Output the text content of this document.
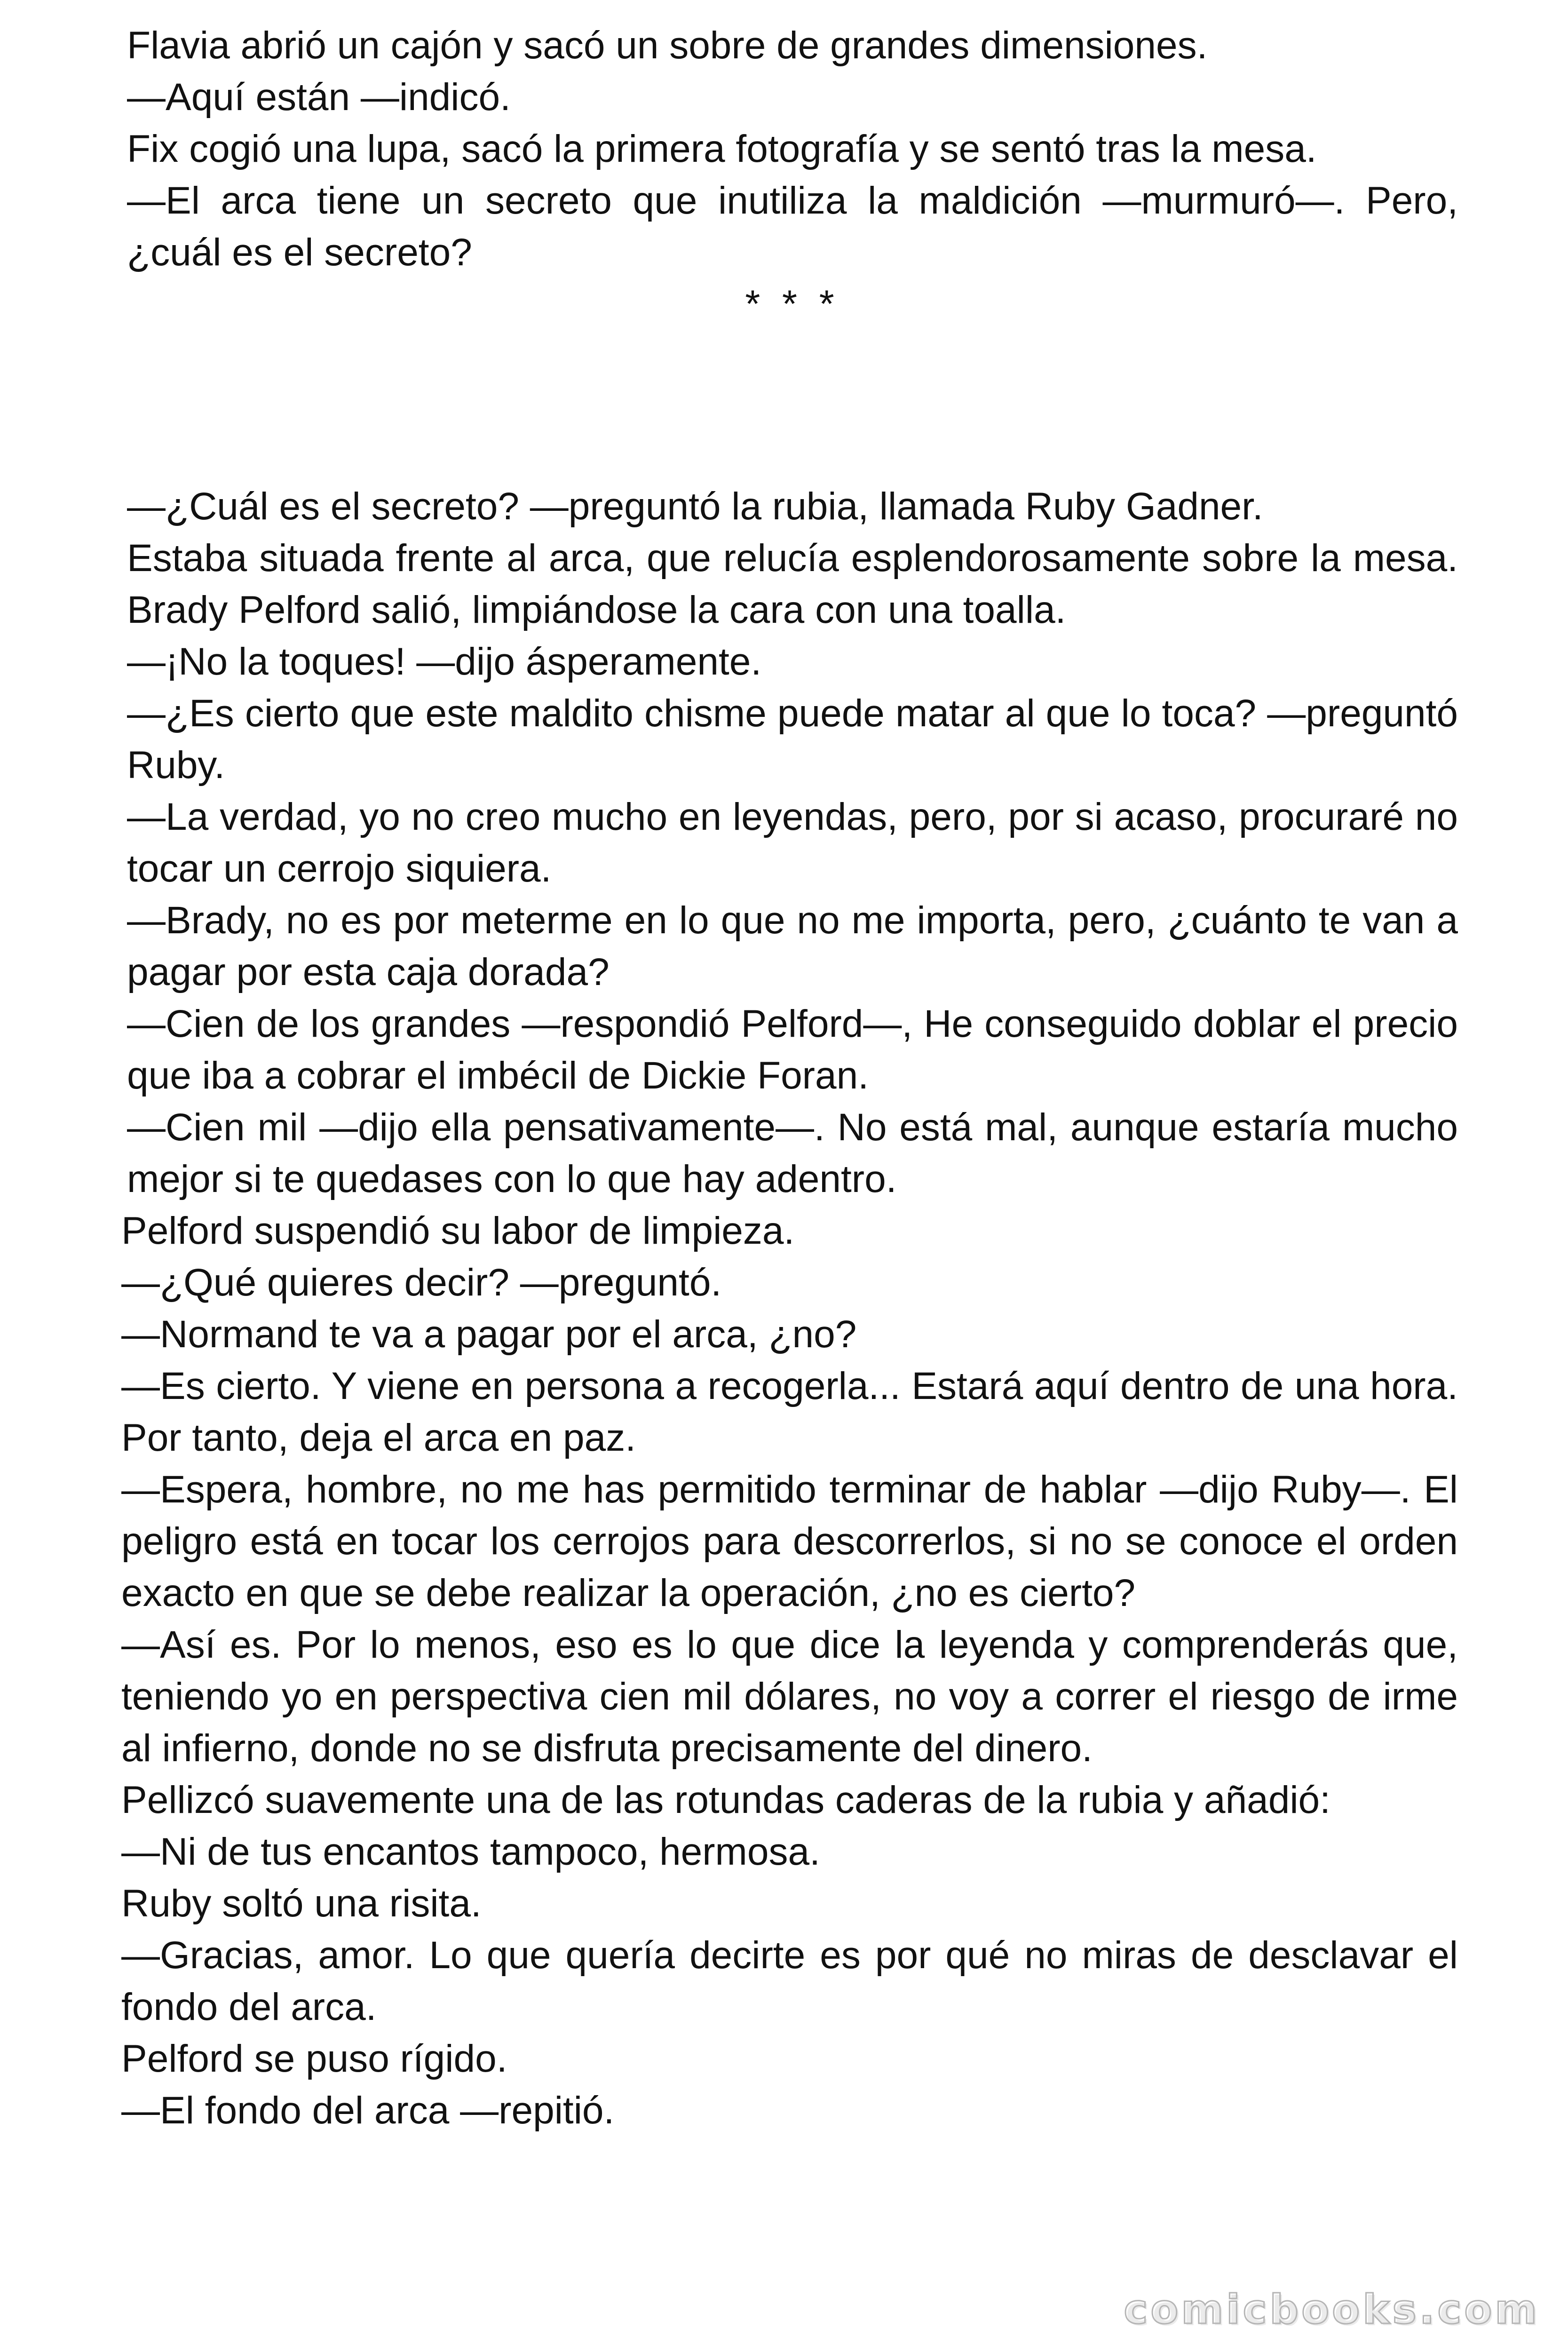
Flavia abrió un cajón y sacó un sobre de grandes dimensiones.

—Aquí están —indicó.

Fix cogió una lupa, sacó la primera fotografía y se sentó tras la mesa.

—El arca tiene un secreto que inutiliza la maldición —murmuró—. Pero, ¿cuál es el secreto?

* * *

—¿Cuál es el secreto? —preguntó la rubia, llamada Ruby Gadner.

Estaba situada frente al arca, que relucía esplendorosamente sobre la mesa. Brady Pelford salió, limpiándose la cara con una toalla.

—¡No la toques! —dijo ásperamente.

—¿Es cierto que este maldito chisme puede matar al que lo toca? —preguntó Ruby.

—La verdad, yo no creo mucho en leyendas, pero, por si acaso, procuraré no tocar un cerrojo siquiera.

—Brady, no es por meterme en lo que no me importa, pero, ¿cuánto te van a pagar por esta caja dorada?

—Cien de los grandes —respondió Pelford—, He conseguido doblar el precio que iba a cobrar el imbécil de Dickie Foran.

—Cien mil —dijo ella pensativamente—. No está mal, aunque estaría mucho mejor si te quedases con lo que hay adentro.

Pelford suspendió su labor de limpieza.

—¿Qué quieres decir? —preguntó.

—Normand te va a pagar por el arca, ¿no?

—Es cierto. Y viene en persona a recogerla... Estará aquí dentro de una hora. Por tanto, deja el arca en paz.

—Espera, hombre, no me has permitido terminar de hablar —dijo Ruby—. El peligro está en tocar los cerrojos para descorrerlos, si no se conoce el orden exacto en que se debe realizar la operación, ¿no es cierto?

—Así es. Por lo menos, eso es lo que dice la leyenda y comprenderás que, teniendo yo en perspectiva cien mil dólares, no voy a correr el riesgo de irme al infierno, donde no se disfruta precisamente del dinero.

Pellizcó suavemente una de las rotundas caderas de la rubia y añadió:

—Ni de tus encantos tampoco, hermosa.

Ruby soltó una risita.

—Gracias, amor. Lo que quería decirte es por qué no miras de desclavar el fondo del arca.

Pelford se puso rígido.

—El fondo del arca —repitió.

comicbooks.com
